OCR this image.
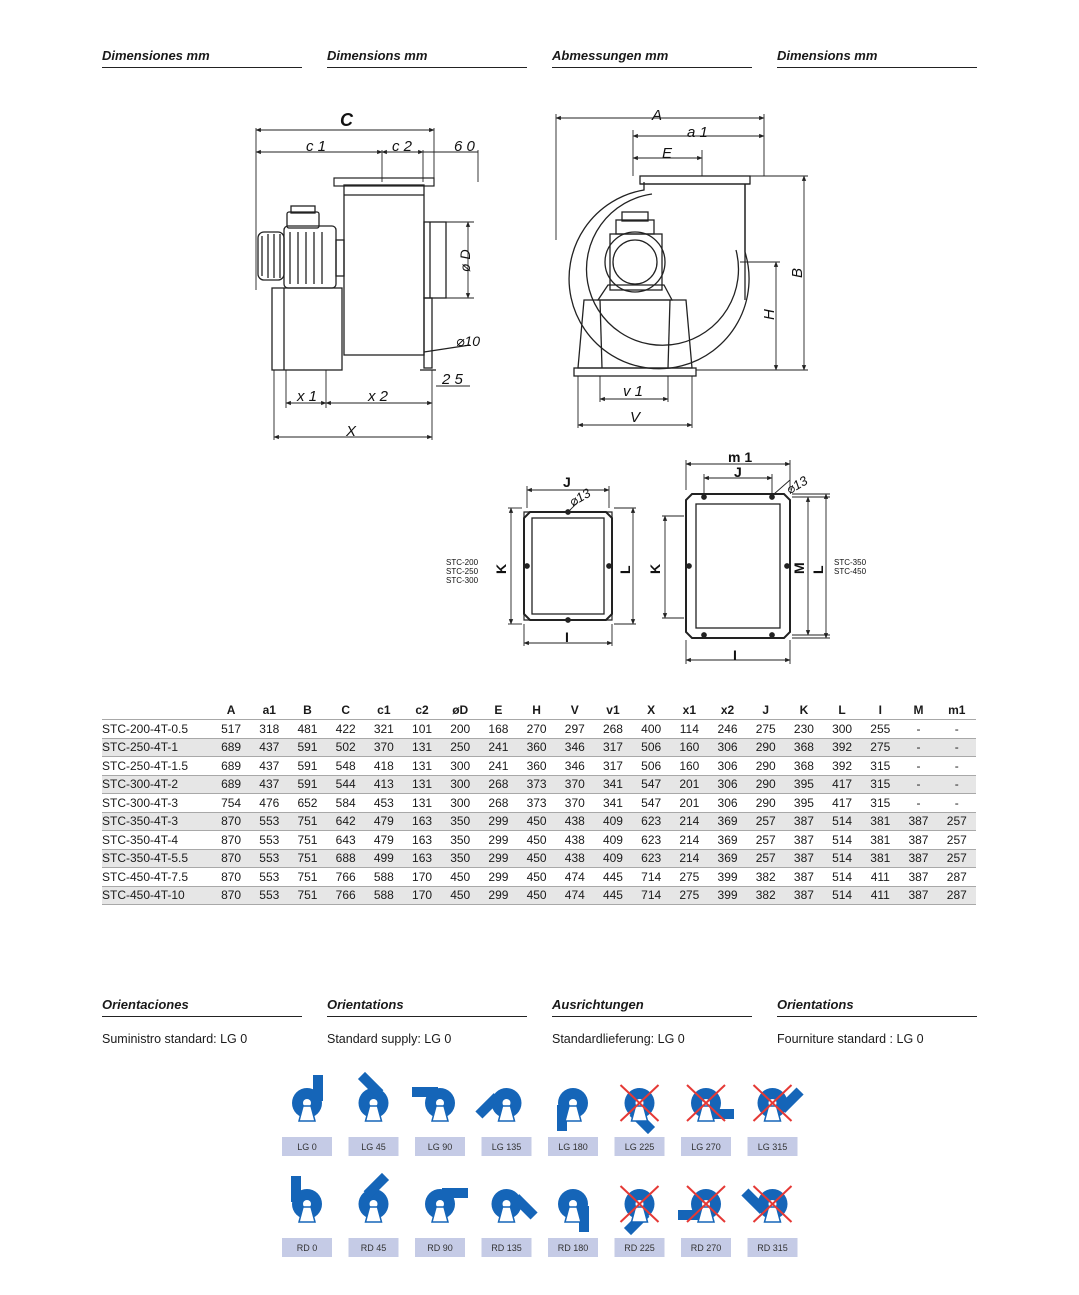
Dimensiones mm	Dimensions mm	Abmessungen mm	Dimensions mm
C
c 1	c 2	6 0
ø D
⌀10
2 5
x 1	x 2
X
A
a 1
E
B
H
v 1
V
J
⌀13
K	L
I
STC-200
STC-250
STC-300
m 1
J
⌀13
K	M L
I
STC-350
STC-450
	A	a1	B	C	c1	c2	øD	E	H	V	v1	X	x1	x2	J	K	L	I	M	m1
STC-200-4T-0.5	517	318	481	422	321	101	200	168	270	297	268	400	114	246	275	230	300	255	-	-
STC-250-4T-1	689	437	591	502	370	131	250	241	360	346	317	506	160	306	290	368	392	275	-	-
STC-250-4T-1.5	689	437	591	548	418	131	300	241	360	346	317	506	160	306	290	368	392	315	-	-
STC-300-4T-2	689	437	591	544	413	131	300	268	373	370	341	547	201	306	290	395	417	315	-	-
STC-300-4T-3	754	476	652	584	453	131	300	268	373	370	341	547	201	306	290	395	417	315	-	-
STC-350-4T-3	870	553	751	642	479	163	350	299	450	438	409	623	214	369	257	387	514	381	387	257
STC-350-4T-4	870	553	751	643	479	163	350	299	450	438	409	623	214	369	257	387	514	381	387	257
STC-350-4T-5.5	870	553	751	688	499	163	350	299	450	438	409	623	214	369	257	387	514	381	387	257
STC-450-4T-7.5	870	553	751	766	588	170	450	299	450	474	445	714	275	399	382	387	514	411	387	287
STC-450-4T-10	870	553	751	766	588	170	450	299	450	474	445	714	275	399	382	387	514	411	387	287
Orientaciones	Orientations	Ausrichtungen	Orientations
Suministro standard: LG 0	Standard supply: LG 0	Standardlieferung: LG 0	Fourniture standard : LG 0
LG 0	LG 45	LG 90	LG 135	LG 180	LG 225	LG 270	LG 315
RD 0	RD 45	RD 90	RD 135	RD 180	RD 225	RD 270	RD 315
